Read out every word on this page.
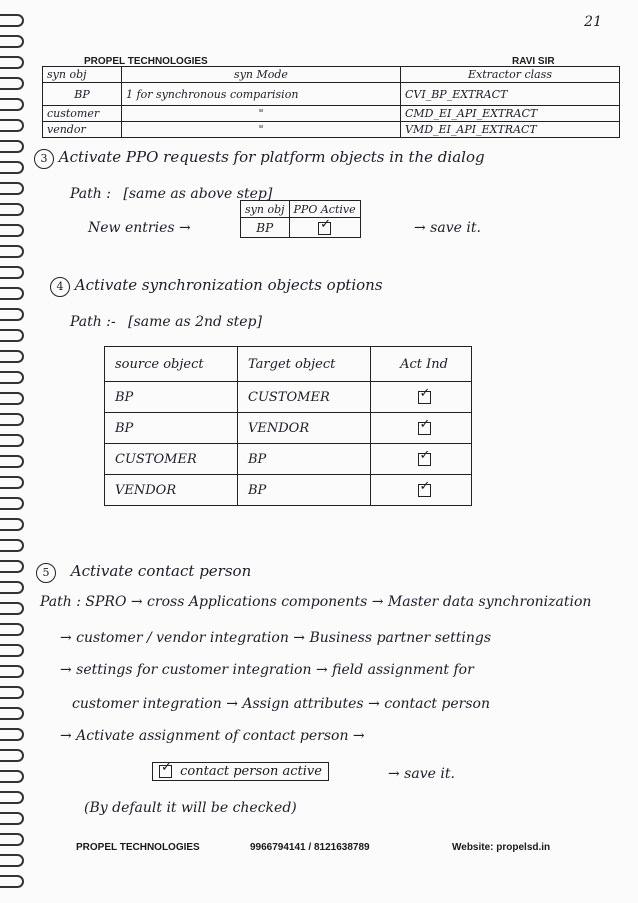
21
PROPEL TECHNOLOGIES	RAVI SIR
syn obj	syn Mode	Extractor class
BP	1 for synchronous comparision	CVI_BP_EXTRACT
customer	"	CMD_EI_API_EXTRACT
vendor	"	VMD_EI_API_EXTRACT
3 Activate PPO requests for platform objects in the dialog
Path : [same as above step]
New entries →
syn obj	PPO Active
BP	✓	→ save it.
4 Activate synchronization objects options
Path :- [same as 2nd step]
source object	Target object	Act Ind
BP	CUSTOMER	✓
BP	VENDOR	✓
CUSTOMER	BP	✓
VENDOR	BP	✓
5 Activate contact person
Path : SPRO → cross Applications components → Master data synchronization
→ customer / vendor integration → Business partner settings
→ settings for customer integration → field assignment for
customer integration → Assign attributes → contact person
→ Activate assignment of contact person →
✓ contact person active	→ save it.
(By default it will be checked)
PROPEL TECHNOLOGIES	9966794141 / 8121638789	Website: propelsd.in
